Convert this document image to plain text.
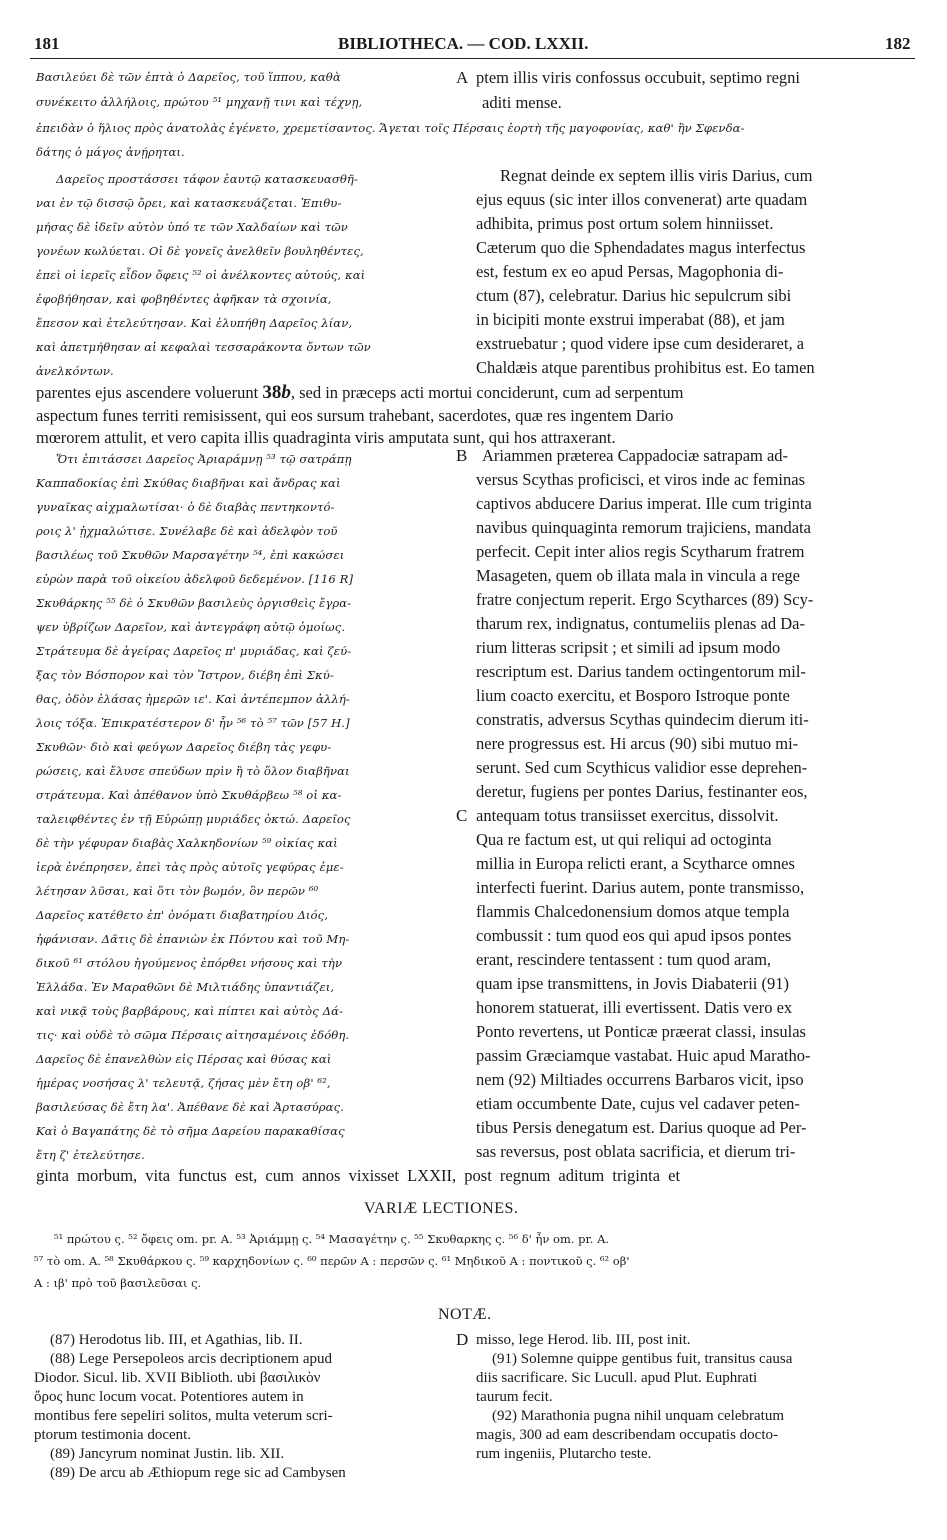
181	BIBLIOTHECA. — COD. LXXII.	182
Βασιλεύει δὲ τῶν ἑπτὰ ὁ Δαρεῖος, τοῦ ἵππου, καθὰ
συνέκειτο ἀλλήλοις, πρώτου ⁵¹ μηχανῇ τινι καὶ τέχνῃ,
A ptem illis viris confossus occubuit, septimo regni
aditi mense.
ἐπειδὰν ὁ ἥλιος πρὸς ἀνατολὰς ἐγένετο, χρεμετίσαντος. Ἄγεται τοῖς Πέρσαις ἑορτὴ τῆς μαγοφονίας, καθ' ἣν Σφενδα-
δάτης ὁ μάγος ἀνῄρηται.
Δαρεῖος προστάσσει τάφον ἑαυτῷ κατασκευασθῆ-
ναι ἐν τῷ δισσῷ ὄρει, καὶ κατασκευάζεται. Ἐπιθυ-
μήσας δὲ ἰδεῖν αὐτὸν ὑπό τε τῶν Χαλδαίων καὶ τῶν
γονέων κωλύεται. Οἱ δὲ γονεῖς ἀνελθεῖν βουληθέντες,
ἐπεὶ οἱ ἱερεῖς εἶδον ὄφεις ⁵² οἱ ἀνέλκοντες αὐτούς, καὶ
ἐφοβήθησαν, καὶ φοβηθέντες ἀφῆκαν τὰ σχοινία,
ἔπεσον καὶ ἐτελεύτησαν. Καὶ ἐλυπήθη Δαρεῖος λίαν,
καὶ ἀπετμήθησαν αἱ κεφαλαὶ τεσσαράκοντα ὄντων τῶν
ἀνελκόντων.
Regnat deinde ex septem illis viris Darius, cum
ejus equus (sic inter illos convenerat) arte quadam
adhibita, primus post ortum solem hinniisset.
Cæterum quo die Sphendadates magus interfectus
est, festum ex eo apud Persas, Magophonia di-
ctum (87), celebratur. Darius hic sepulcrum sibi
in bicipiti monte exstrui imperabat (88), et jam
exstruebatur ; quod videre ipse cum desideraret, a
Chaldæis atque parentibus prohibitus est. Eo tamen
parentes ejus ascendere voluerunt 38b, sed in præceps acti mortui conciderunt, cum ad serpentum
aspectum funes territi remisissent, qui eos sursum trahebant, sacerdotes, quæ res ingentem Dario
mœrorem attulit, et vero capita illis quadraginta viris amputata sunt, qui hos attraxerant.
Ὅτι ἐπιτάσσει Δαρεῖος Ἀριαράμνῃ ⁵³ τῷ σατράπῃ
Καππαδοκίας ἐπὶ Σκύθας διαβῆναι καὶ ἄνδρας καὶ
γυναῖκας αἰχμαλωτίσαι· ὁ δὲ διαβὰς πεντηκοντό-
ροις λ' ᾐχμαλώτισε. Συνέλαβε δὲ καὶ ἀδελφὸν τοῦ
βασιλέως τοῦ Σκυθῶν Μαρσαγέτην ⁵⁴, ἐπὶ κακώσει
εὑρὼν παρὰ τοῦ οἰκείου ἀδελφοῦ δεδεμένον. [116 R]
Σκυθάρκης ⁵⁵ δὲ ὁ Σκυθῶν βασιλεὺς ὀργισθεὶς ἔγρα-
ψεν ὑβρίζων Δαρεῖον, καὶ ἀντεγράφη αὐτῷ ὁμοίως.
Στράτευμα δὲ ἀγείρας Δαρεῖος π' μυριάδας, καὶ ζεύ-
ξας τὸν Βόσπορον καὶ τὸν Ἴστρον, διέβη ἐπὶ Σκύ-
θας, ὁδὸν ἐλάσας ἡμερῶν ιε'. Καὶ ἀντέπεμπον ἀλλή-
λοις τόξα. Ἐπικρατέστερον δ' ἦν ⁵⁶ τὸ ⁵⁷ τῶν [57 H.]
Σκυθῶν· διὸ καὶ φεύγων Δαρεῖος διέβη τὰς γεφυ-
ρώσεις, καὶ ἔλυσε σπεύδων πρὶν ἢ τὸ ὅλον διαβῆναι
στράτευμα. Καὶ ἀπέθανον ὑπὸ Σκυθάρβεω ⁵⁸ οἱ κα-
ταλειφθέντες ἐν τῇ Εὐρώπῃ μυριάδες ὀκτώ. Δαρεῖος
δὲ τὴν γέφυραν διαβὰς Χαλκηδονίων ⁵⁹ οἰκίας καὶ
ἱερὰ ἐνέπρησεν, ἐπεὶ τὰς πρὸς αὐτοῖς γεφύρας ἐμε-
λέτησαν λῦσαι, καὶ ὅτι τὸν βωμόν, ὃν περῶν ⁶⁰
Δαρεῖος κατέθετο ἐπ' ὀνόματι διαβατηρίου Διός,
ἠφάνισαν. Δᾶτις δὲ ἐπανιὼν ἐκ Πόντου καὶ τοῦ Μη-
δικοῦ ⁶¹ στόλου ἡγούμενος ἐπόρθει νήσους καὶ τὴν
Ἑλλάδα. Ἐν Μαραθῶνι δὲ Μιλτιάδης ὑπαντιάζει,
καὶ νικᾷ τοὺς βαρβάρους, καὶ πίπτει καὶ αὐτὸς Δά-
τις· καὶ οὐδὲ τὸ σῶμα Πέρσαις αἰτησαμένοις ἐδόθη.
Δαρεῖος δὲ ἐπανελθὼν εἰς Πέρσας καὶ θύσας καὶ
ἡμέρας νοσήσας λ' τελευτᾷ, ζήσας μὲν ἔτη οβ' ⁶²,
βασιλεύσας δὲ ἔτη λα'. Ἀπέθανε δὲ καὶ Ἀρτασύρας.
Καὶ ὁ Βαγαπάτης δὲ τὸ σῆμα Δαρείου παρακαθίσας
ἔτη ζ' ἐτελεύτησε.
B
C
Ariammen præterea Cappadociæ satrapam ad-
versus Scythas proficisci, et viros inde ac feminas
captivos abducere Darius imperat. Ille cum triginta
navibus quinquaginta remorum trajiciens, mandata
perfecit. Cepit inter alios regis Scytharum fratrem
Masageten, quem ob illata mala in vincula a rege
fratre conjectum reperit. Ergo Scytharces (89) Scy-
tharum rex, indignatus, contumeliis plenas ad Da-
rium litteras scripsit ; et simili ad ipsum modo
rescriptum est. Darius tandem octingentorum mil-
lium coacto exercitu, et Bosporo Istroque ponte
constratis, adversus Scythas quindecim dierum iti-
nere progressus est. Hi arcus (90) sibi mutuo mi-
serunt. Sed cum Scythicus validior esse deprehen-
deretur, fugiens per pontes Darius, festinanter eos,
antequam totus transiisset exercitus, dissolvit.
Qua re factum est, ut qui reliqui ad octoginta
millia in Europa relicti erant, a Scytharce omnes
interfecti fuerint. Darius autem, ponte transmisso,
flammis Chalcedonensium domos atque templa
combussit : tum quod eos qui apud ipsos pontes
erant, rescindere tentassent : tum quod aram,
quam ipse transmittens, in Jovis Diabaterii (91)
honorem statuerat, illi evertissent. Datis vero ex
Ponto revertens, ut Ponticæ præerat classi, insulas
passim Græciamque vastabat. Huic apud Maratho-
nem (92) Miltiades occurrens Barbaros vicit, ipso
etiam occumbente Date, cujus vel cadaver peten-
tibus Persis denegatum est. Darius quoque ad Per-
sas reversus, post oblata sacrificia, et dierum tri-
ginta morbum, vita functus est, cum annos vixisset LXXII, post regnum aditum triginta et
VARIÆ LECTIONES.
⁵¹ πρώτου ς. ⁵² ὄφεις om. pr. A. ⁵³ Ἀριάμμῃ ς. ⁵⁴ Μασαγέτην ς. ⁵⁵ Σκυθαρκης ς. ⁵⁶ δ' ἦν om. pr. A.
⁵⁷ τὸ om. A. ⁵⁸ Σκυθάρκου ς. ⁵⁹ καρχηδονίων ς. ⁶⁰ περῶν A : περσῶν ς. ⁶¹ Μηδικοῦ A : ποντικοῦ ς. ⁶² οβ'
A : ιβ' πρὸ τοῦ βασιλεῦσαι ς.
NOTÆ.
(87) Herodotus lib. III, et Agathias, lib. II.
(88) Lege Persepoleos arcis decriptionem apud
Diodor. Sicul. lib. XVII Biblioth. ubi βασιλικὸν
ὄρος hunc locum vocat. Potentiores autem in
montibus fere sepeliri solitos, multa veterum scri-
ptorum testimonia docent.
(89) Jancyrum nominat Justin. lib. XII.
(89) De arcu ab Æthiopum rege sic ad Cambysen
D misso, lege Herod. lib. III, post init.
(91) Solemne quippe gentibus fuit, transitus causa
diis sacrificare. Sic Lucull. apud Plut. Euphrati
taurum fecit.
(92) Marathonia pugna nihil unquam celebratum
magis, 300 ad eam describendam occupatis docto-
rum ingeniis, Plutarcho teste.
